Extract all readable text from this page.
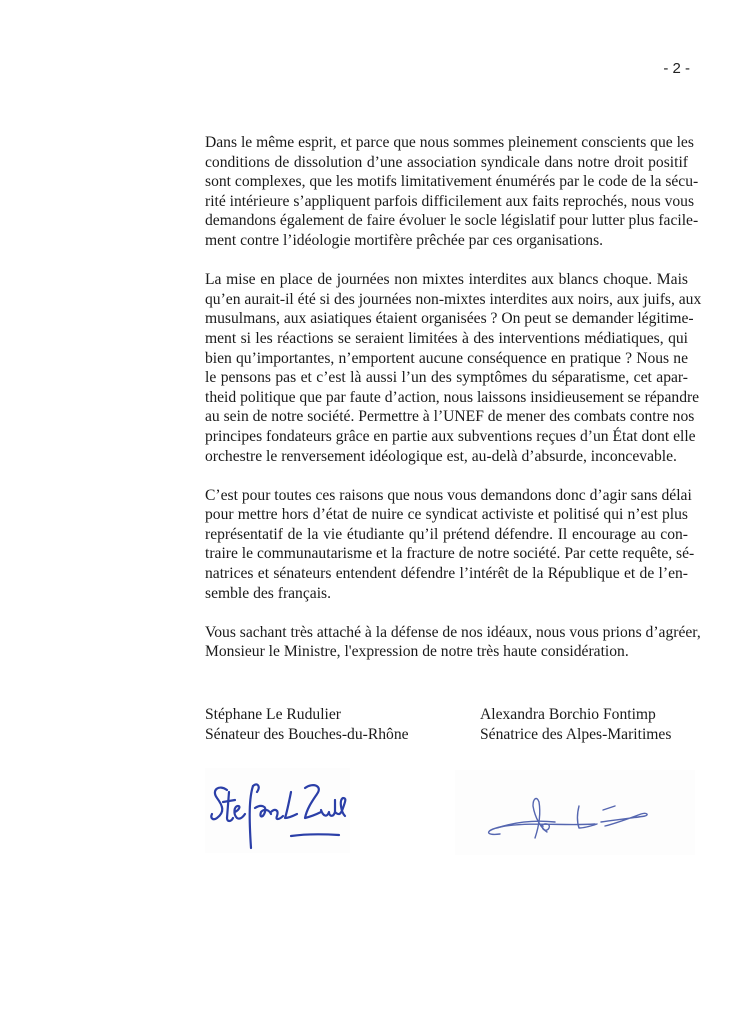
- 2 -
Dans le même esprit, et parce que nous sommes pleinement conscients que les
conditions de dissolution d’une association syndicale dans notre droit positif
sont complexes, que les motifs limitativement énumérés par le code de la sécu-
rité intérieure s’appliquent parfois difficilement aux faits reprochés, nous vous
demandons également de faire évoluer le socle législatif pour lutter plus facile-
ment contre l’idéologie mortifère prêchée par ces organisations.
La mise en place de journées non mixtes interdites aux blancs choque. Mais
qu’en aurait-il été si des journées non-mixtes interdites aux noirs, aux juifs, aux
musulmans, aux asiatiques étaient organisées ? On peut se demander légitime-
ment si les réactions se seraient limitées à des interventions médiatiques, qui
bien qu’importantes, n’emportent aucune conséquence en pratique ? Nous ne
le pensons pas et c’est là aussi l’un des symptômes du séparatisme, cet apar-
theid politique que par faute d’action, nous laissons insidieusement se répandre
au sein de notre société. Permettre à l’UNEF de mener des combats contre nos
principes fondateurs grâce en partie aux subventions reçues d’un État dont elle
orchestre le renversement idéologique est, au-delà d’absurde, inconcevable.
C’est pour toutes ces raisons que nous vous demandons donc d’agir sans délai
pour mettre hors d’état de nuire ce syndicat activiste et politisé qui n’est plus
représentatif de la vie étudiante qu’il prétend défendre. Il encourage au con-
traire le communautarisme et la fracture de notre société. Par cette requête, sé-
natrices et sénateurs entendent défendre l’intérêt de la République et de l’en-
semble des français.
Vous sachant très attaché à la défense de nos idéaux, nous vous prions d’agréer,
Monsieur le Ministre, l'expression de notre très haute considération.
Stéphane Le Rudulier
Sénateur des Bouches-du-Rhône
Alexandra Borchio Fontimp
Sénatrice des Alpes-Maritimes
